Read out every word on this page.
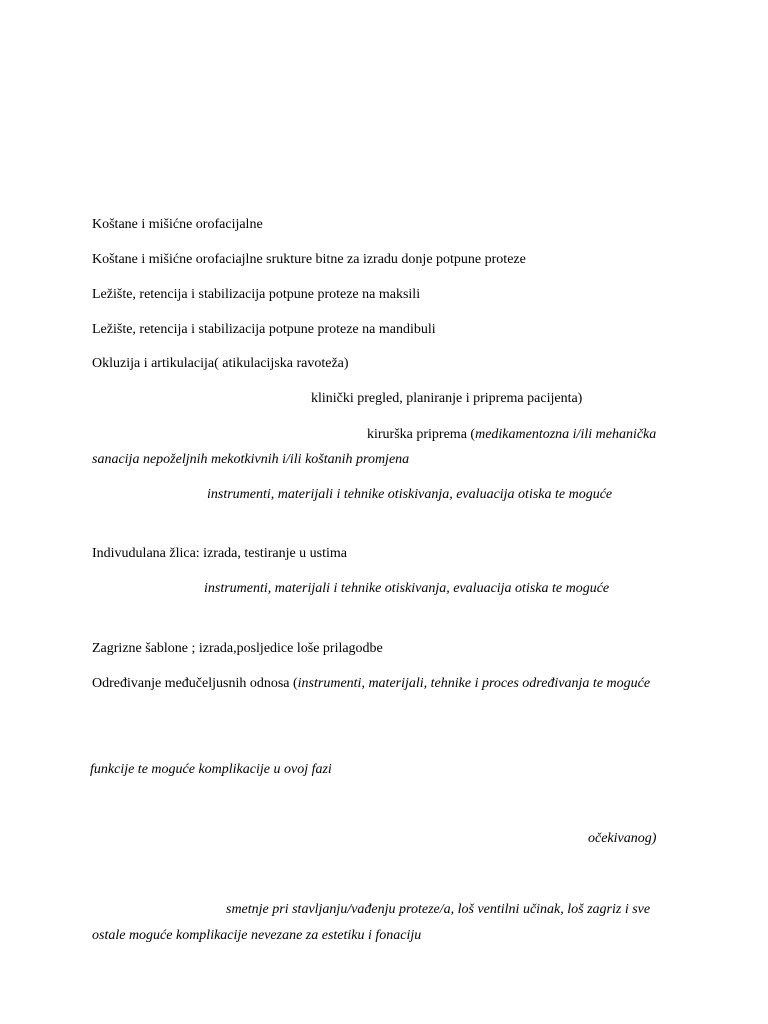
Koštane i mišićne orofacijalne

Koštane i mišićne orofaciajlne srukture bitne za izradu donje potpune proteze

Ležište, retencija i stabilizacija potpune proteze na maksili

Ležište, retencija i stabilizacija potpune proteze na mandibuli

Okluzija i artikulacija( atikulacijska ravoteža)

klinički pregled, planiranje i priprema pacijenta)

kirurška priprema (medikamentozna i/ili mehanička

sanacija nepoželjnih mekotkivnih i/ili koštanih promjena

instrumenti, materijali i tehnike otiskivanja, evaluacija otiska te moguće

Indivudulana žlica: izrada, testiranje u ustima

instrumenti, materijali i tehnike otiskivanja, evaluacija otiska te moguće

Zagrizne šablone ; izrada,posljedice loše prilagodbe

Određivanje međučeljusnih odnosa (instrumenti, materijali, tehnike i proces određivanja te moguće

funkcije te moguće komplikacije u ovoj fazi

očekivanog)

smetnje pri stavljanju/vađenju proteze/a, loš ventilni učinak, loš zagriz i sve

ostale moguće komplikacije nevezane za estetiku i fonaciju
